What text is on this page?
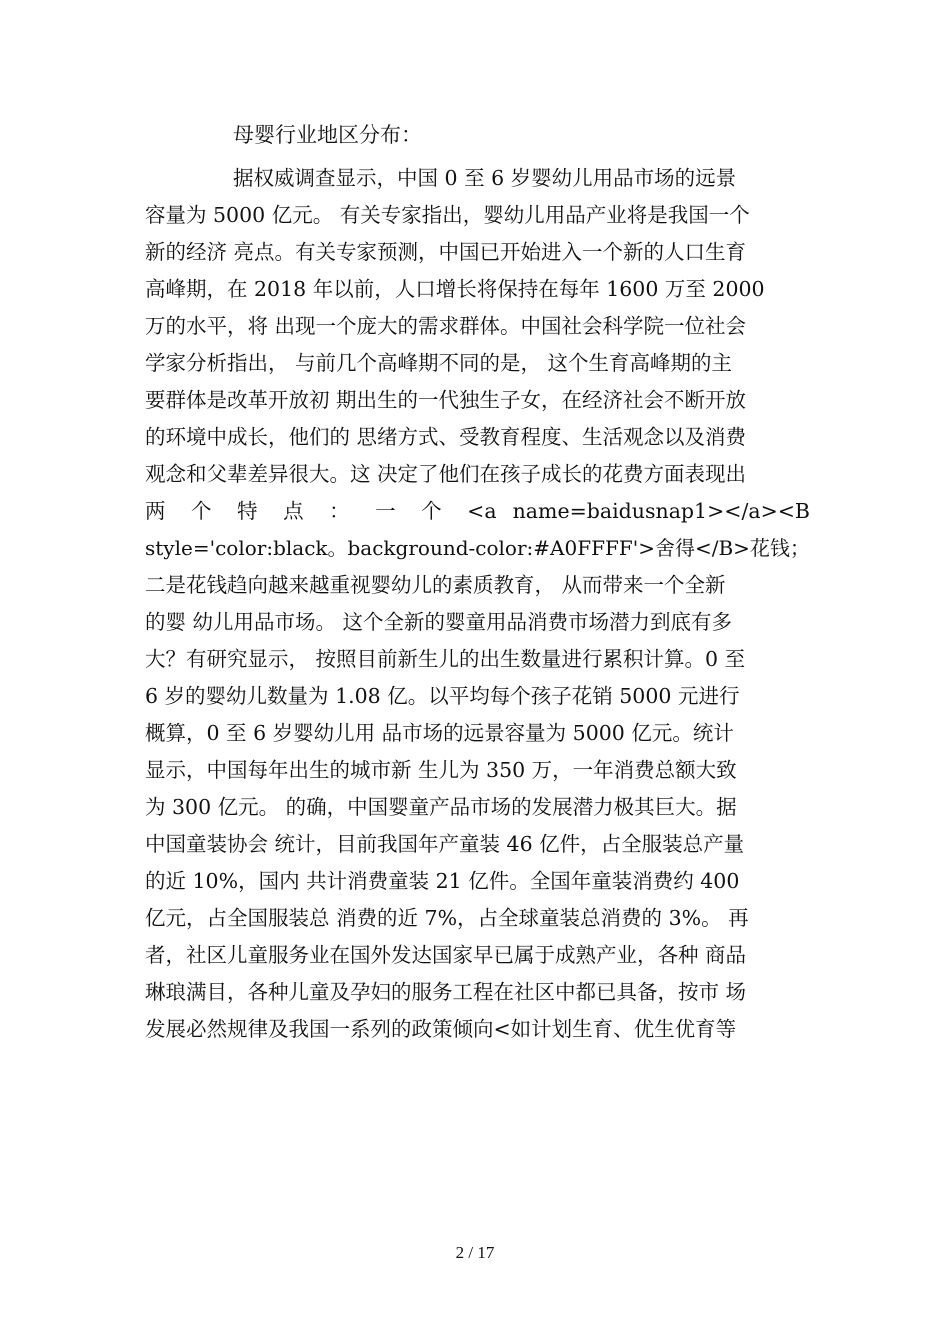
母婴行业地区分布：
据权威调查显示，中国 0 至 6 岁婴幼儿用品市场的远景
容量为 5000 亿元。 有关专家指出，婴幼儿用品产业将是我国一个
新的经济 亮点。有关专家预测，中国已开始进入一个新的人口生育
高峰期，在 2018 年以前，人口增长将保持在每年 1600 万至 2000
万的水平，将 出现一个庞大的需求群体。中国社会科学院一位社会
学家分析指出， 与前几个高峰期不同的是， 这个生育高峰期的主
要群体是改革开放初 期出生的一代独生子女，在经济社会不断开放
的环境中成长，他们的 思绪方式、受教育程度、生活观念以及消费
观念和父辈差异很大。这 决定了他们在孩子成长的花费方面表现出
两 个 特 点 ： 一 个 <a name=baidusnap1></a><B
style='color:black。background-color:#A0FFFF'>舍得</B>花钱；
二是花钱趋向越来越重视婴幼儿的素质教育， 从而带来一个全新
的婴 幼儿用品市场。 这个全新的婴童用品消费市场潜力到底有多
大？有研究显示， 按照目前新生儿的出生数量进行累积计算。0 至
6 岁的婴幼儿数量为 1.08 亿。以平均每个孩子花销 5000 元进行
概算，0 至 6 岁婴幼儿用 品市场的远景容量为 5000 亿元。统计
显示，中国每年出生的城市新 生儿为 350 万，一年消费总额大致
为 300 亿元。 的确，中国婴童产品市场的发展潜力极其巨大。据
中国童装协会 统计，目前我国年产童装 46 亿件，占全服装总产量
的近 10%，国内 共计消费童装 21 亿件。全国年童装消费约 400
亿元，占全国服装总 消费的近 7%，占全球童装总消费的 3%。 再
者，社区儿童服务业在国外发达国家早已属于成熟产业，各种 商品
琳琅满目，各种儿童及孕妇的服务工程在社区中都已具备，按市 场
发展必然规律及我国一系列的政策倾向<如计划生育、优生优育等
2 / 17
